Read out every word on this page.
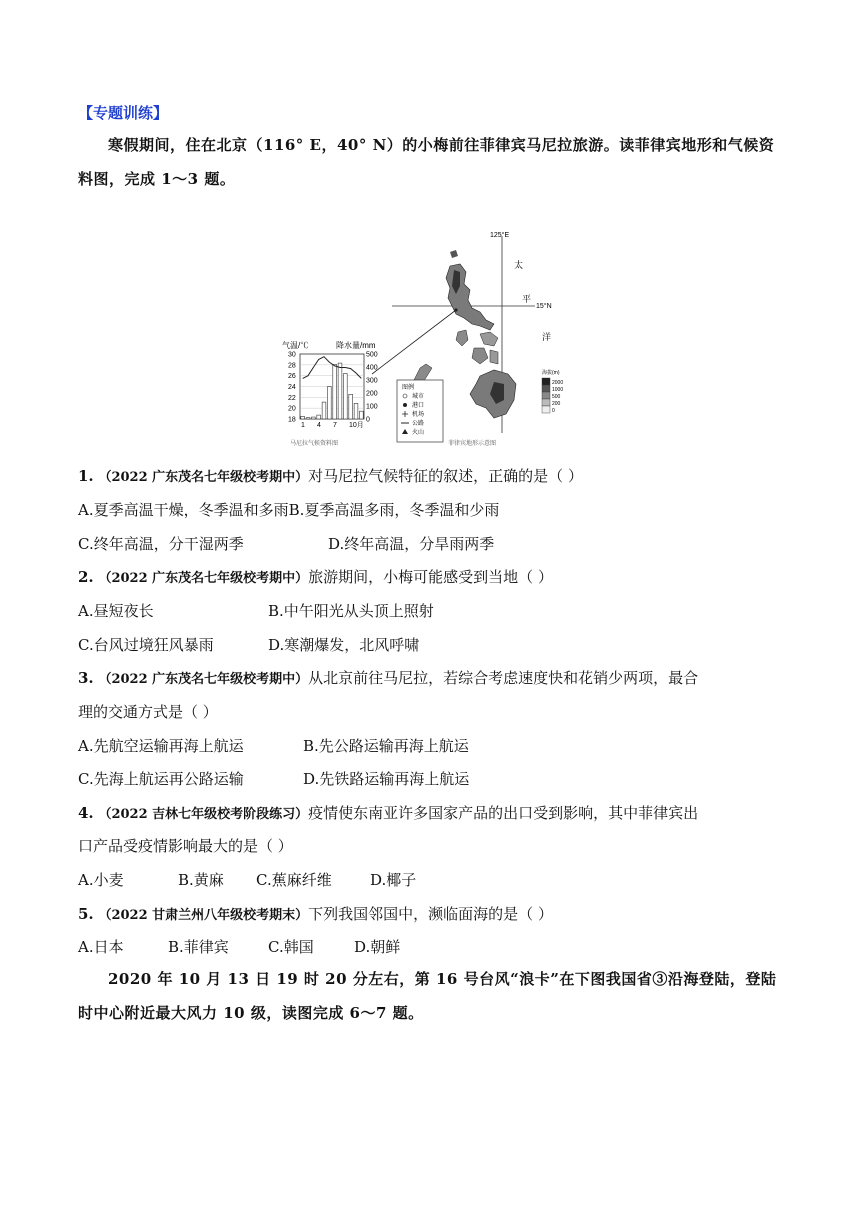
【专题训练】
寒假期间，住在北京（116° E，40° N）的小梅前往菲律宾马尼拉旅游。读菲律宾地形和气候资料图，完成 1～3 题。
气温/℃	降水量/mm
30
28
26
24
22
20
18
500
400
300
200
100
0
1 4 7 10月
马尼拉气候资料图
125°E
15°N
太
平
洋
图例
城市
港口
机场
公路
火山
海拔(m)
2000
1000
500
200
0
菲律宾地形示意图
1. （2022 广东茂名七年级校考期中）对马尼拉气候特征的叙述，正确的是（ ）
A.夏季高温干燥，冬季温和多雨B.夏季高温多雨，冬季温和少雨
C.终年高温，分干湿两季	D.终年高温，分旱雨两季
2. （2022 广东茂名七年级校考期中）旅游期间，小梅可能感受到当地（ ）
A.昼短夜长	B.中午阳光从头顶上照射
C.台风过境狂风暴雨	D.寒潮爆发，北风呼啸
3. （2022 广东茂名七年级校考期中）从北京前往马尼拉，若综合考虑速度快和花销少两项，最合
理的交通方式是（ ）
A.先航空运输再海上航运	B.先公路运输再海上航运
C.先海上航运再公路运输	D.先铁路运输再海上航运
4. （2022 吉林七年级校考阶段练习）疫情使东南亚许多国家产品的出口受到影响，其中菲律宾出
口产品受疫情影响最大的是（ ）
A.小麦	B.黄麻 C.蕉麻纤维	D.椰子
5. （2022 甘肃兰州八年级校考期末）下列我国邻国中，濒临面海的是（ ）
A.日本	B.菲律宾	C.韩国	D.朝鲜
2020 年 10 月 13 日 19 时 20 分左右，第 16 号台风“浪卡”在下图我国省③沿海登陆，登陆时中心附近最大风力 10 级，读图完成 6～7 题。
